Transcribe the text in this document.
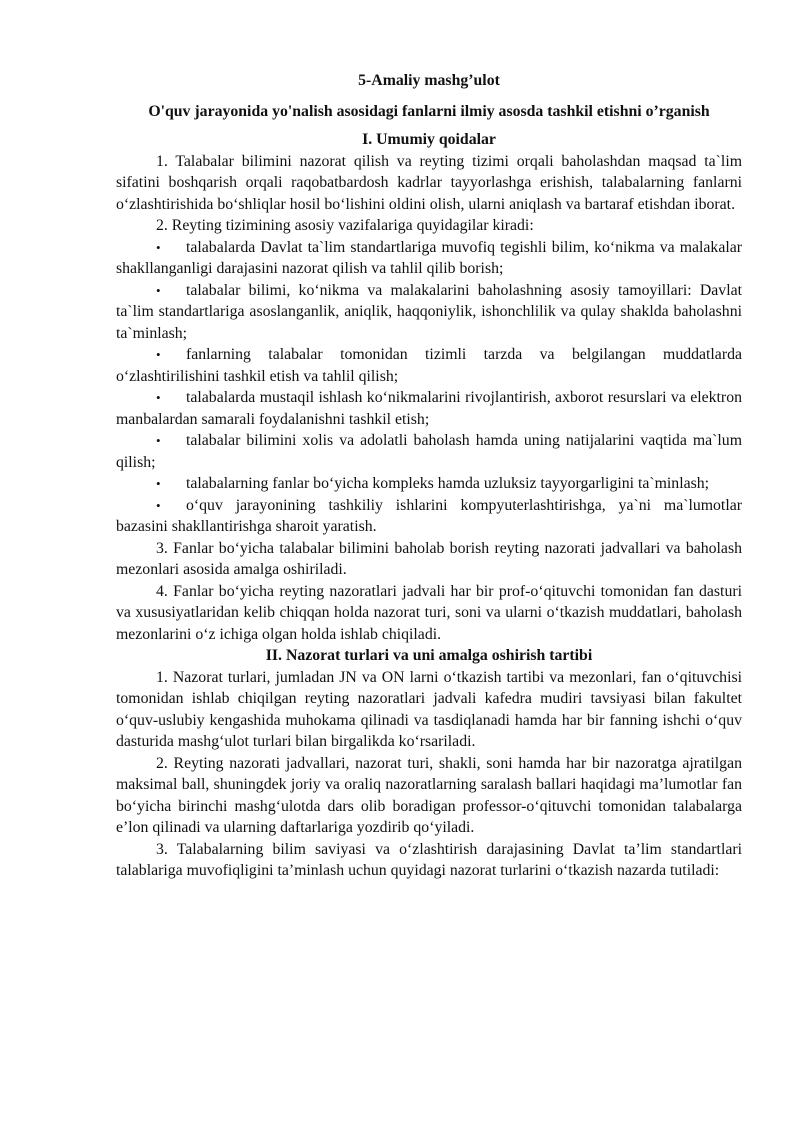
5-Amaliy mashg’ulot
O'quv jarayonida yo'nalish asosidagi fanlarni ilmiy asosda tashkil etishni o’rganish
I. Umumiy qoidalar

1. Talabalar bilimini nazorat qilish va reyting tizimi orqali baholashdan maqsad ta`lim sifatini boshqarish orqali raqobatbardosh kadrlar tayyorlashga erishish, talabalarning fanlarni o‘zlashtirishida bo‘shliqlar hosil bo‘lishini oldini olish, ularni aniqlash va bartaraf etishdan iborat.

2. Reyting tizimining asosiy vazifalariga quyidagilar kiradi:

• talabalarda Davlat ta`lim standartlariga muvofiq tegishli bilim, ko‘nikma va malakalar shakllanganligi darajasini nazorat qilish va tahlil qilib borish;

• talabalar bilimi, ko‘nikma va malakalarini baholashning asosiy tamoyillari: Davlat ta`lim standartlariga asoslanganlik, aniqlik, haqqoniylik, ishonchlilik va qulay shaklda baholashni ta`minlash;

• fanlarning talabalar tomonidan tizimli tarzda va belgilangan muddatlarda o‘zlashtirilishini tashkil etish va tahlil qilish;

• talabalarda mustaqil ishlash ko‘nikmalarini rivojlantirish, axborot resurslari va elektron manbalardan samarali foydalanishni tashkil etish;

• talabalar bilimini xolis va adolatli baholash hamda uning natijalarini vaqtida ma`lum qilish;

• talabalarning fanlar bo‘yicha kompleks hamda uzluksiz tayyorgarligini ta`minlash;

• o‘quv jarayonining tashkiliy ishlarini kompyuterlashtirishga, ya`ni ma`lumotlar bazasini shakllantirishga sharoit yaratish.

3. Fanlar bo‘yicha talabalar bilimini baholab borish reyting nazorati jadvallari va baholash mezonlari asosida amalga oshiriladi.

4. Fanlar bo‘yicha reyting nazoratlari jadvali har bir prof-o‘qituvchi tomonidan fan dasturi va xususiyatlaridan kelib chiqqan holda nazorat turi, soni va ularni o‘tkazish muddatlari, baholash mezonlarini o‘z ichiga olgan holda ishlab chiqiladi.

II. Nazorat turlari va uni amalga oshirish tartibi

1. Nazorat turlari, jumladan JN va ON larni o‘tkazish tartibi va mezonlari, fan o‘qituvchisi tomonidan ishlab chiqilgan reyting nazoratlari jadvali kafedra mudiri tavsiyasi bilan fakultet o‘quv-uslubiy kengashida muhokama qilinadi va tasdiqlanadi hamda har bir fanning ishchi o‘quv dasturida mashg‘ulot turlari bilan birgalikda ko‘rsariladi.

2. Reyting nazorati jadvallari, nazorat turi, shakli, soni hamda har bir nazoratga ajratilgan maksimal ball, shuningdek joriy va oraliq nazoratlarning saralash ballari haqidagi ma’lumotlar fan bo‘yicha birinchi mashg‘ulotda dars olib boradigan professor-o‘qituvchi tomonidan talabalarga e’lon qilinadi va ularning daftarlariga yozdirib qo‘yiladi.

3. Talabalarning bilim saviyasi va o‘zlashtirish darajasining Davlat ta’lim standartlari talablariga muvofiqligini ta’minlash uchun quyidagi nazorat turlarini o‘tkazish nazarda tutiladi:
